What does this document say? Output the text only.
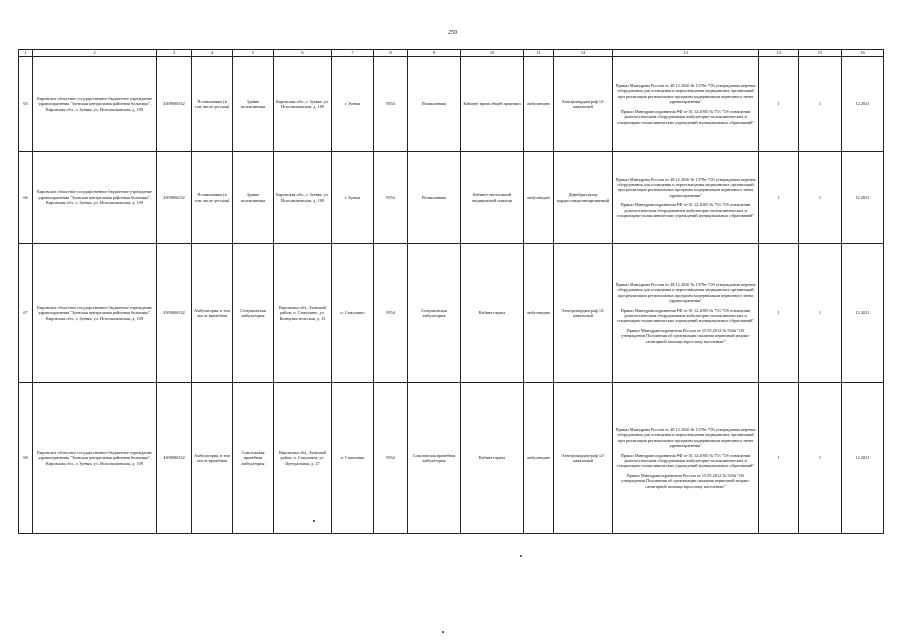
259
1	2	3	4	5	6	7	8	9	10	11	12	13	14	15	16
65	Кировское областное государственное бюджетное учреждение здравоохранения "Зуевская центральная районная больница", Кировская обл., г. Зуевка, ул. Исполкомовская, д. 109	4309006332	Поликлиника (в том числе детская)	Здание поликлиники	Кировская обл., г. Зуевка, ул. Исполкомовская, д. 109	г. Зуевка	9554	Поликлиника	Кабинет врача общей практики	амбулаторно	Электрокардиограф 12-канальный	Приказ Минздрава России от 28.12.2020 № 1379н "Об утверждении перечня оборудования для оснащения и переоснащения медицинских организаций при реализации региональных программ модернизации первичного звена здравоохранения"
Приказ Минздравсоцразвития РФ от 01.12.2005 № 753 "Об оснащении диагностическим оборудованием амбулаторно-поликлинических и стационарно-поликлинических учреждений муниципальных образований"	1	1	12.2021
66	Кировское областное государственное бюджетное учреждение здравоохранения "Зуевская центральная районная больница", Кировская обл., г. Зуевка, ул. Исполкомовская, д. 109	4309006332	Поликлиника (в том числе детская)	Здание поликлиники	Кировская обл., г. Зуевка, ул. Исполкомовская, д. 109	г. Зуевка	9554	Поликлиника	Кабинет неотложной медицинской помощи	амбулаторно	Дефибриллятор кардиосинхронизированный	Приказ Минздрава России от 28.12.2020 № 1379н "Об утверждении перечня оборудования для оснащения и переоснащения медицинских организаций при реализации региональных программ модернизации первичного звена здравоохранения"
Приказ Минздравсоцразвития РФ от 01.12.2005 № 753 "Об оснащении диагностическим оборудованием амбулаторно-поликлинических и стационарно-поликлинических учреждений муниципальных образований"	1	1	12.2021
67	Кировское областное государственное бюджетное учреждение здравоохранения "Зуевская центральная районная больница", Кировская обл., г. Зуевка, ул. Исполкомовская, д. 109	4309006332	Амбулатория, в том числе врачебная	Семушинская амбулатория	Кировская обл., Зуевский район, п. Семушино, ул. Коммунистическая, д. 13	п. Семушино	9554	Семушинская амбулатория	Кабинет врача	амбулаторно	Электрокардиограф 12-канальный	Приказ Минздрава России от 28.12.2020 № 1379н "Об утверждении перечня оборудования для оснащения и переоснащения медицинских организаций при реализации региональных программ модернизации первичного звена здравоохранения"
Приказ Минздравсоцразвития РФ от 01.12.2005 № 753 "Об оснащении диагностическим оборудованием амбулаторно-поликлинических и стационарно-поликлинических учреждений муниципальных образований"
Приказ Минздравсоцразвития России от 15.05.2012 № 543н "Об утверждении Положения об организации оказания первичной медико-санитарной помощи взрослому населению"	1	1	12.2021
68	Кировское областное государственное бюджетное учреждение здравоохранения "Зуевская центральная районная больница", Кировская обл., г. Зуевка, ул. Исполкомовская, д. 109	4309006332	Амбулатория, в том числе врачебная	Соколовская врачебная амбулатория	Кировская обл., Зуевский район, п. Соколовка, ул. Центральная, д. 27	п. Соколовка	9554	Соколовская врачебная амбулатория	Кабинет врача	амбулаторно	Электрокардиограф 12-канальный	Приказ Минздрава России от 28.12.2020 № 1379н "Об утверждении перечня оборудования для оснащения и переоснащения медицинских организаций при реализации региональных программ модернизации первичного звена здравоохранения"
Приказ Минздравсоцразвития РФ от 01.12.2005 № 753 "Об оснащении диагностическим оборудованием амбулаторно-поликлинических и стационарно-поликлинических учреждений муниципальных образований"
Приказ Минздравсоцразвития России от 15.05.2012 № 543н "Об утверждении Положения об организации оказания первичной медико-санитарной помощи взрослому населению"	1	1	12.2021
